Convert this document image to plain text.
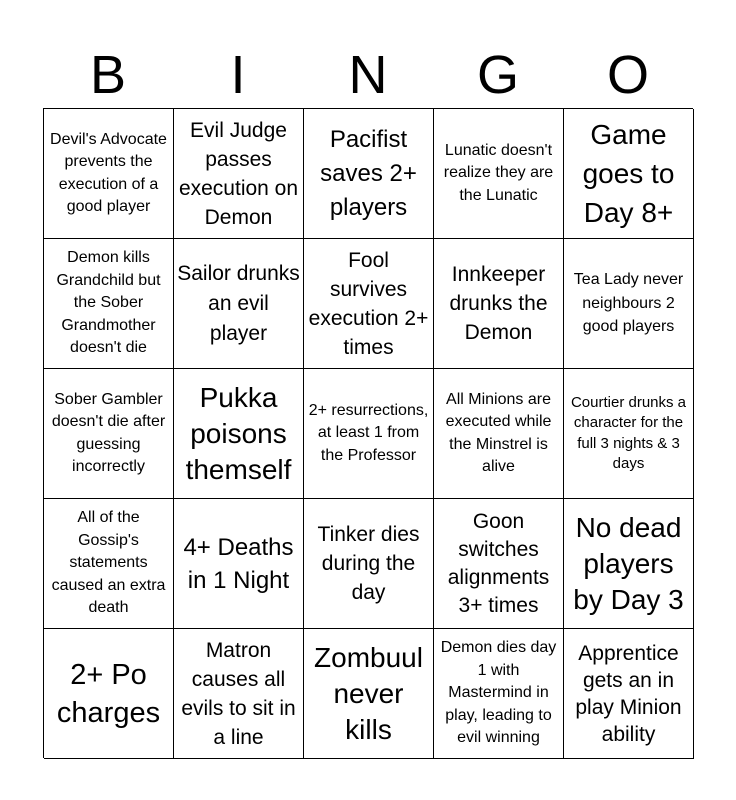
B	I	N	G	O
Devil's Advocate prevents the execution of a good player
Evil Judge passes execution on Demon
Pacifist saves 2+ players
Lunatic doesn't realize they are the Lunatic
Game goes to Day 8+
Demon kills Grandchild but the Sober Grandmother doesn't die
Sailor drunks an evil player
Fool survives execution 2+ times
Innkeeper drunks the Demon
Tea Lady never neighbours 2 good players
Sober Gambler doesn't die after guessing incorrectly
Pukka poisons themself
2+ resurrections, at least 1 from the Professor
All Minions are executed while the Minstrel is alive
Courtier drunks a character for the full 3 nights & 3 days
All of the Gossip's statements caused an extra death
4+ Deaths in 1 Night
Tinker dies during the day
Goon switches alignments 3+ times
No dead players by Day 3
2+ Po charges
Matron causes all evils to sit in a line
Zombuul never kills
Demon dies day 1 with Mastermind in play, leading to evil winning
Apprentice gets an in play Minion ability
